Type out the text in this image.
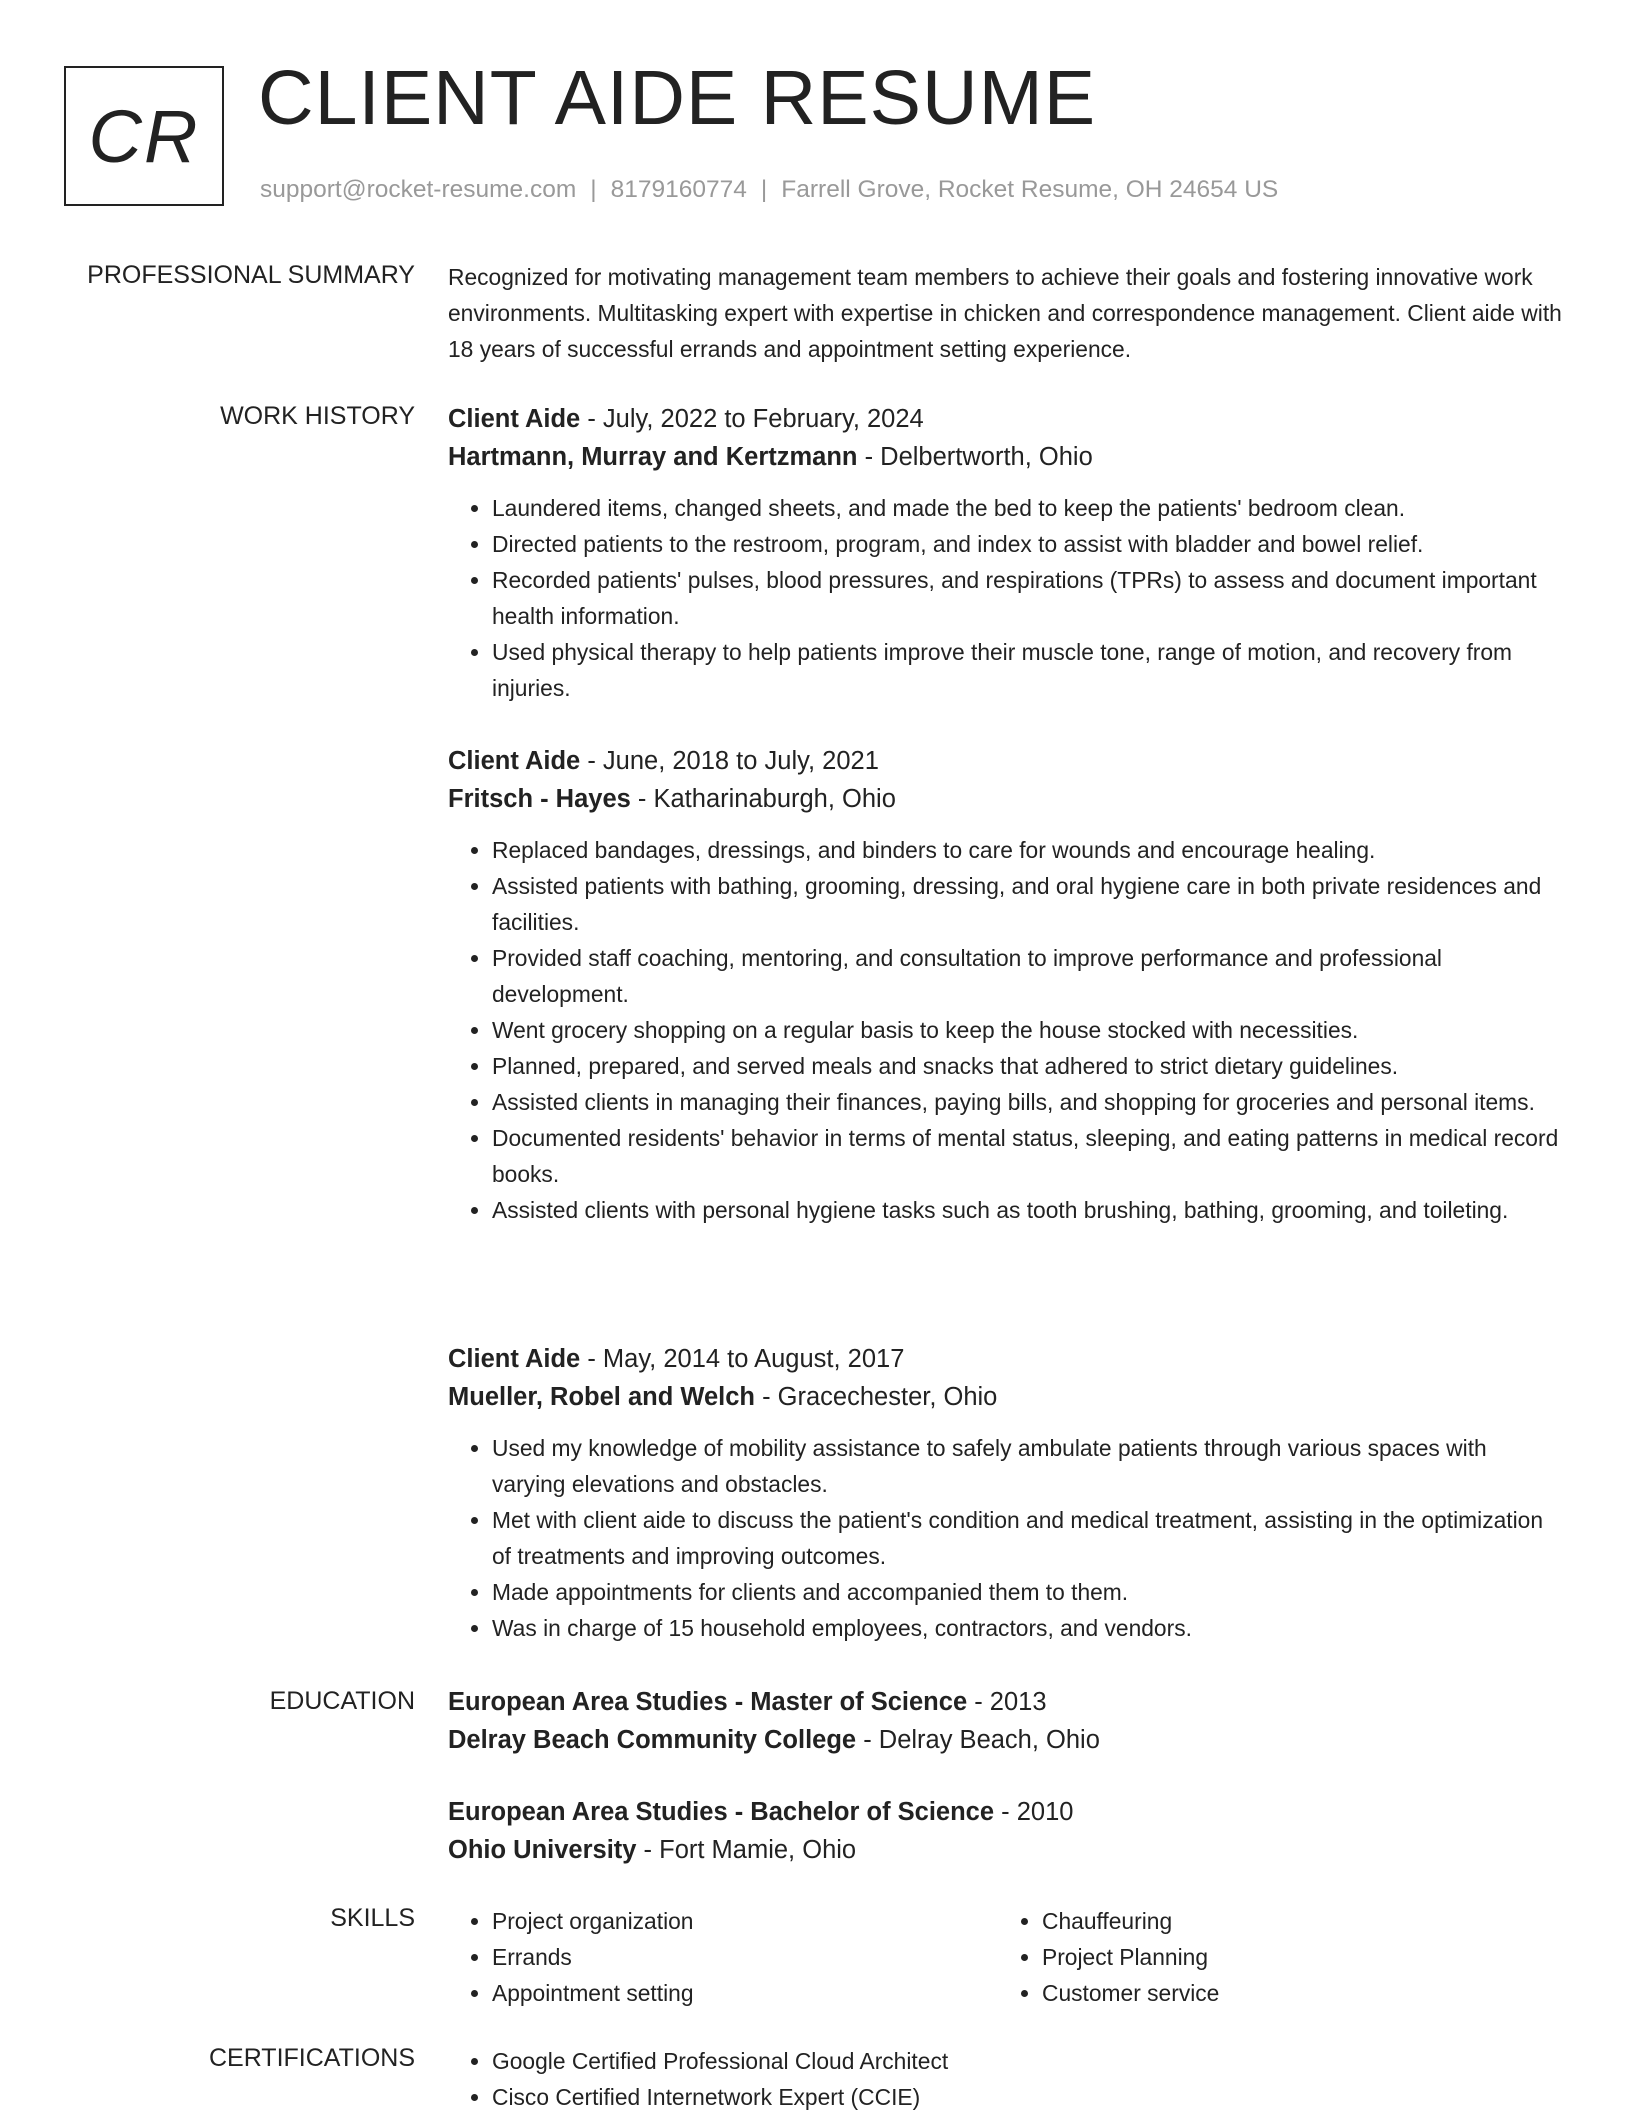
CR CLIENT AIDE RESUME
support@rocket-resume.com | 8179160774 | Farrell Grove, Rocket Resume, OH 24654 US
PROFESSIONAL SUMMARY Recognized for motivating management team members to achieve their goals and fostering innovative work environments. Multitasking expert with expertise in chicken and correspondence management. Client aide with 18 years of successful errands and appointment setting experience.

WORK HISTORY Client Aide - July, 2022 to February, 2024
Hartmann, Murray and Kertzmann - Delbertworth, Ohio
• Laundered items, changed sheets, and made the bed to keep the patients' bedroom clean.
• Directed patients to the restroom, program, and index to assist with bladder and bowel relief.
• Recorded patients' pulses, blood pressures, and respirations (TPRs) to assess and document important health information.
• Used physical therapy to help patients improve their muscle tone, range of motion, and recovery from injuries.
Client Aide - June, 2018 to July, 2021
Fritsch - Hayes - Katharinaburgh, Ohio
• Replaced bandages, dressings, and binders to care for wounds and encourage healing.
• Assisted patients with bathing, grooming, dressing, and oral hygiene care in both private residences and facilities.
• Provided staff coaching, mentoring, and consultation to improve performance and professional development.
• Went grocery shopping on a regular basis to keep the house stocked with necessities.
• Planned, prepared, and served meals and snacks that adhered to strict dietary guidelines.
• Assisted clients in managing their finances, paying bills, and shopping for groceries and personal items.
• Documented residents' behavior in terms of mental status, sleeping, and eating patterns in medical record books.
• Assisted clients with personal hygiene tasks such as tooth brushing, bathing, grooming, and toileting.
Client Aide - May, 2014 to August, 2017
Mueller, Robel and Welch - Gracechester, Ohio
• Used my knowledge of mobility assistance to safely ambulate patients through various spaces with varying elevations and obstacles.
• Met with client aide to discuss the patient's condition and medical treatment, assisting in the optimization of treatments and improving outcomes.
• Made appointments for clients and accompanied them to them.
• Was in charge of 15 household employees, contractors, and vendors.
EDUCATION European Area Studies - Master of Science - 2013
Delray Beach Community College - Delray Beach, Ohio
European Area Studies - Bachelor of Science - 2010
Ohio University - Fort Mamie, Ohio
SKILLS	• Project organization
• Errands
• Appointment setting
• Chauffeuring
• Project Planning
• Customer service
CERTIFICATIONS	• Google Certified Professional Cloud Architect
• Cisco Certified Internetwork Expert (CCIE)
